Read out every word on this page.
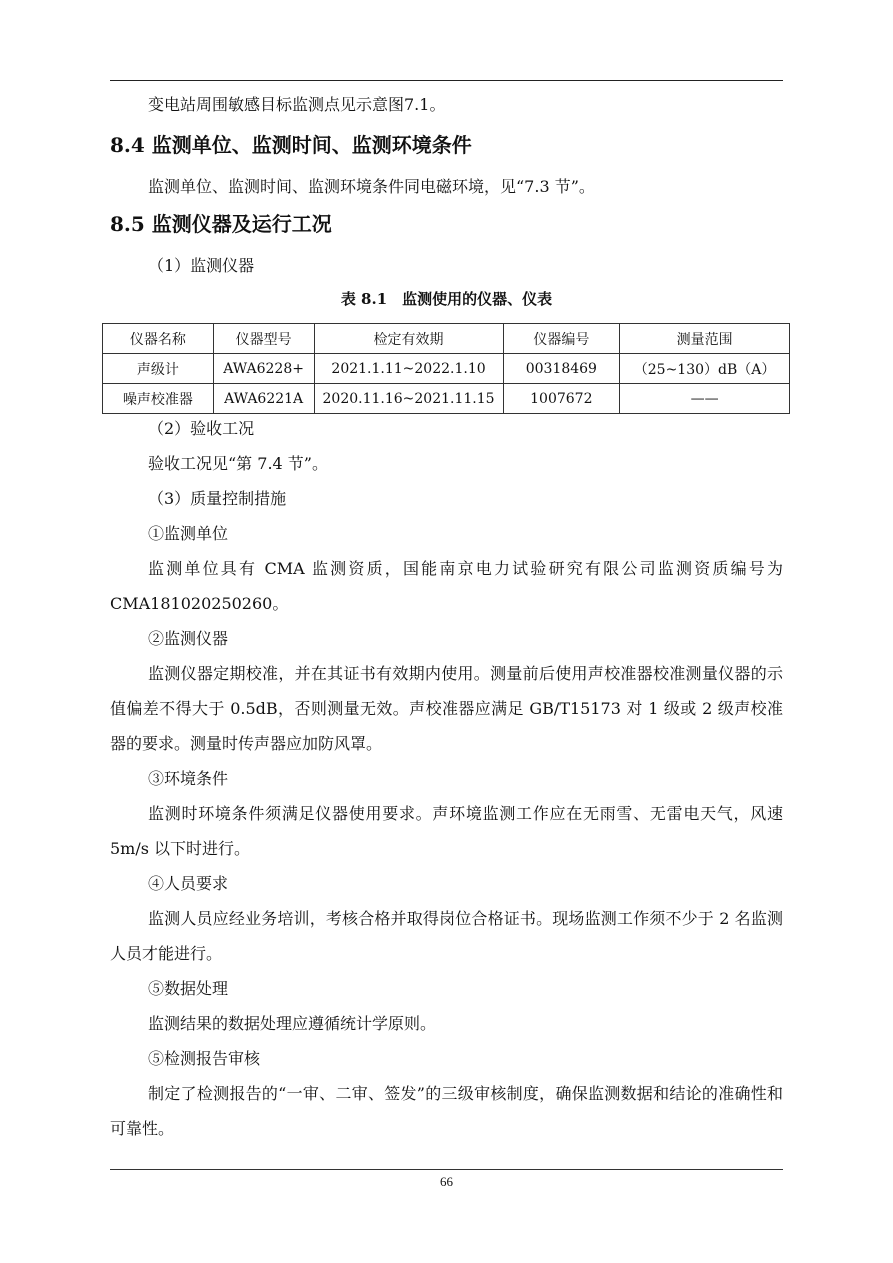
变电站周围敏感目标监测点见示意图7.1。

8.4 监测单位、监测时间、监测环境条件

监测单位、监测时间、监测环境条件同电磁环境，见“7.3 节”。

8.5 监测仪器及运行工况

（1）监测仪器

表 8.1　监测使用的仪器、仪表
仪器名称	仪器型号	检定有效期	仪器编号	测量范围
声级计	AWA6228+	2021.1.11~2022.1.10	00318469	（25~130）dB（A）
噪声校准器	AWA6221A	2020.11.16~2021.11.15	1007672	——

（2）验收工况

验收工况见“第 7.4 节”。

（3）质量控制措施

①监测单位

监测单位具有 CMA 监测资质，国能南京电力试验研究有限公司监测资质编号为CMA181020250260。

②监测仪器

监测仪器定期校准，并在其证书有效期内使用。测量前后使用声校准器校准测量仪器的示值偏差不得大于 0.5dB，否则测量无效。声校准器应满足 GB/T15173 对 1 级或 2 级声校准器的要求。测量时传声器应加防风罩。

③环境条件

监测时环境条件须满足仪器使用要求。声环境监测工作应在无雨雪、无雷电天气，风速 5m/s 以下时进行。

④人员要求

监测人员应经业务培训，考核合格并取得岗位合格证书。现场监测工作须不少于 2 名监测人员才能进行。

⑤数据处理

监测结果的数据处理应遵循统计学原则。

⑤检测报告审核

制定了检测报告的“一审、二审、签发”的三级审核制度，确保监测数据和结论的准确性和可靠性。

66
